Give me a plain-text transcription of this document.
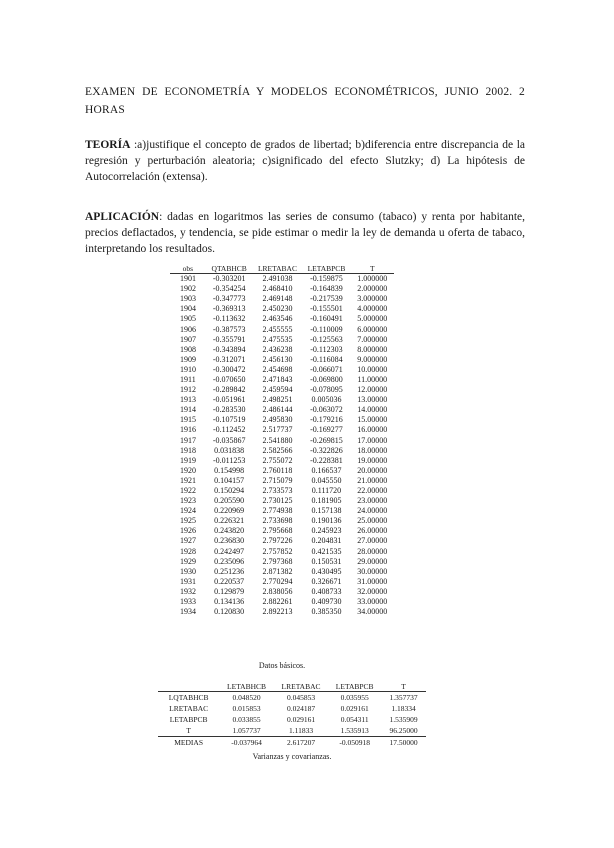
EXAMEN DE ECONOMETRÍA Y MODELOS ECONOMÉTRICOS, JUNIO 2002. 2 HORAS
TEORÍA :a)justifique el concepto de grados de libertad; b)diferencia entre discrepancia de la regresión y perturbación aleatoria; c)significado del efecto Slutzky; d) La hipótesis de Autocorrelación (extensa).
APLICACIÓN: dadas en logaritmos las series de consumo (tabaco) y renta por habitante, precios deflactados, y tendencia, se pide estimar o medir la ley de demanda u oferta de tabaco, interpretando los resultados.
obs	QTABHCB	LRETABAC	LETABPCB	T
1901	-0.303201	2.491038	-0.159875	1.000000
1902	-0.354254	2.468410	-0.164839	2.000000
1903	-0.347773	2.469148	-0.217539	3.000000
1904	-0.369313	2.450230	-0.155501	4.000000
1905	-0.113632	2.463546	-0.160491	5.000000
1906	-0.387573	2.455555	-0.110009	6.000000
1907	-0.355791	2.475535	-0.125563	7.000000
1908	-0.343894	2.436238	-0.112303	8.000000
1909	-0.312071	2.456130	-0.116084	9.000000
1910	-0.300472	2.454698	-0.066071	10.00000
1911	-0.070650	2.471843	-0.069800	11.00000
1912	-0.289842	2.459594	-0.078095	12.00000
1913	-0.051961	2.498251	0.005036	13.00000
1914	-0.283530	2.486144	-0.063072	14.00000
1915	-0.107519	2.495830	-0.179216	15.00000
1916	-0.112452	2.517737	-0.169277	16.00000
1917	-0.035867	2.541880	-0.269815	17.00000
1918	0.031838	2.582566	-0.322826	18.00000
1919	-0.011253	2.755072	-0.228381	19.00000
1920	0.154998	2.760118	0.166537	20.00000
1921	0.104157	2.715079	0.045550	21.00000
1922	0.150294	2.733573	0.111720	22.00000
1923	0.205590	2.730125	0.181905	23.00000
1924	0.220969	2.774938	0.157138	24.00000
1925	0.226321	2.733698	0.190136	25.00000
1926	0.243820	2.795668	0.245923	26.00000
1927	0.236830	2.797226	0.204831	27.00000
1928	0.242497	2.757852	0.421535	28.00000
1929	0.235096	2.797368	0.150531	29.00000
1930	0.251236	2.871382	0.430495	30.00000
1931	0.220537	2.770294	0.326671	31.00000
1932	0.129879	2.838056	0.408733	32.00000
1933	0.134136	2.882261	0.409730	33.00000
1934	0.120830	2.892213	0.385350	34.00000
Datos básicos.
	LETABHCB	LRETABAC	LETABPCB	T
LQTABHCB	0.048520	0.045853	0.035955	1.357737
LRETABAC	0.015853	0.024187	0.029161	1.18334
LETABPCB	0.033855	0.029161	0.054311	1.535909
T	1.057737	1.11833	1.535913	96.25000
MEDIAS	-0.037964	2.617207	-0.050918	17.50000
Varianzas y covarianzas.
